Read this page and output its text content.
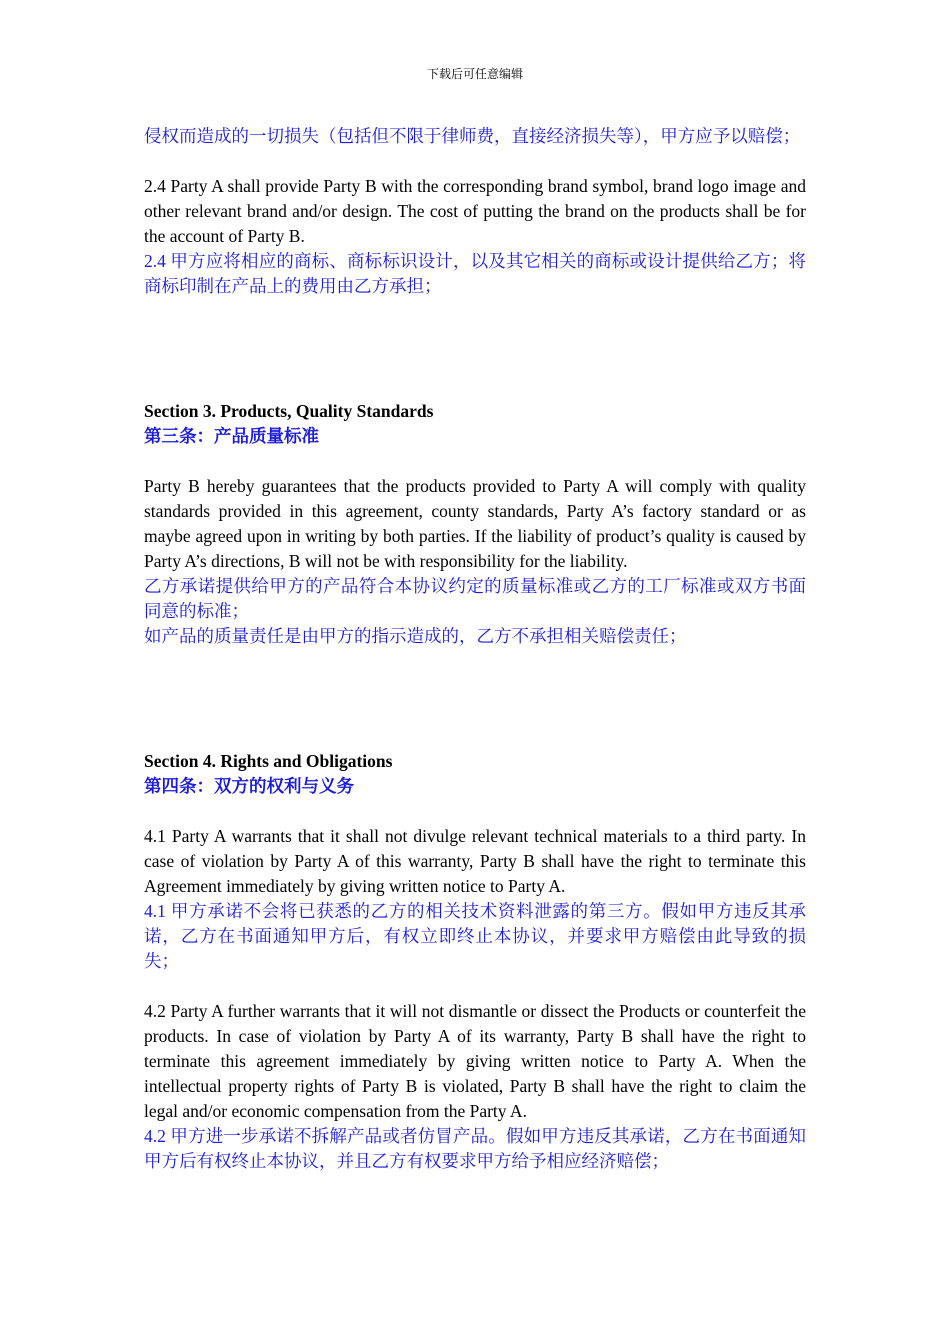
下载后可任意编辑

侵权而造成的一切损失（包括但不限于律师费，直接经济损失等），甲方应予以赔偿；

2.4 Party A shall provide Party B with the corresponding brand symbol, brand logo image and other relevant brand and/or design. The cost of putting the brand on the products shall be for the account of Party B.

2.4 甲方应将相应的商标、商标标识设计，以及其它相关的商标或设计提供给乙方；将商标印制在产品上的费用由乙方承担；

Section 3. Products, Quality Standards

第三条：产品质量标准

Party B hereby guarantees that the products provided to Party A will comply with quality standards provided in this agreement, county standards, Party A’s factory standard or as maybe agreed upon in writing by both parties. If the liability of product’s quality is caused by Party A’s directions, B will not be with responsibility for the liability.

乙方承诺提供给甲方的产品符合本协议约定的质量标准或乙方的工厂标准或双方书面同意的标准；

如产品的质量责任是由甲方的指示造成的，乙方不承担相关赔偿责任；

Section 4. Rights and Obligations

第四条：双方的权利与义务

4.1 Party A warrants that it shall not divulge relevant technical materials to a third party. In case of violation by Party A of this warranty, Party B shall have the right to terminate this Agreement immediately by giving written notice to Party A.

4.1 甲方承诺不会将已获悉的乙方的相关技术资料泄露的第三方。假如甲方违反其承诺，乙方在书面通知甲方后，有权立即终止本协议，并要求甲方赔偿由此导致的损失；

4.2 Party A further warrants that it will not dismantle or dissect the Products or counterfeit the products. In case of violation by Party A of its warranty, Party B shall have the right to terminate this agreement immediately by giving written notice to Party A. When the intellectual property rights of Party B is violated, Party B shall have the right to claim the legal and/or economic compensation from the Party A.

4.2 甲方进一步承诺不拆解产品或者仿冒产品。假如甲方违反其承诺，乙方在书面通知甲方后有权终止本协议，并且乙方有权要求甲方给予相应经济赔偿；
